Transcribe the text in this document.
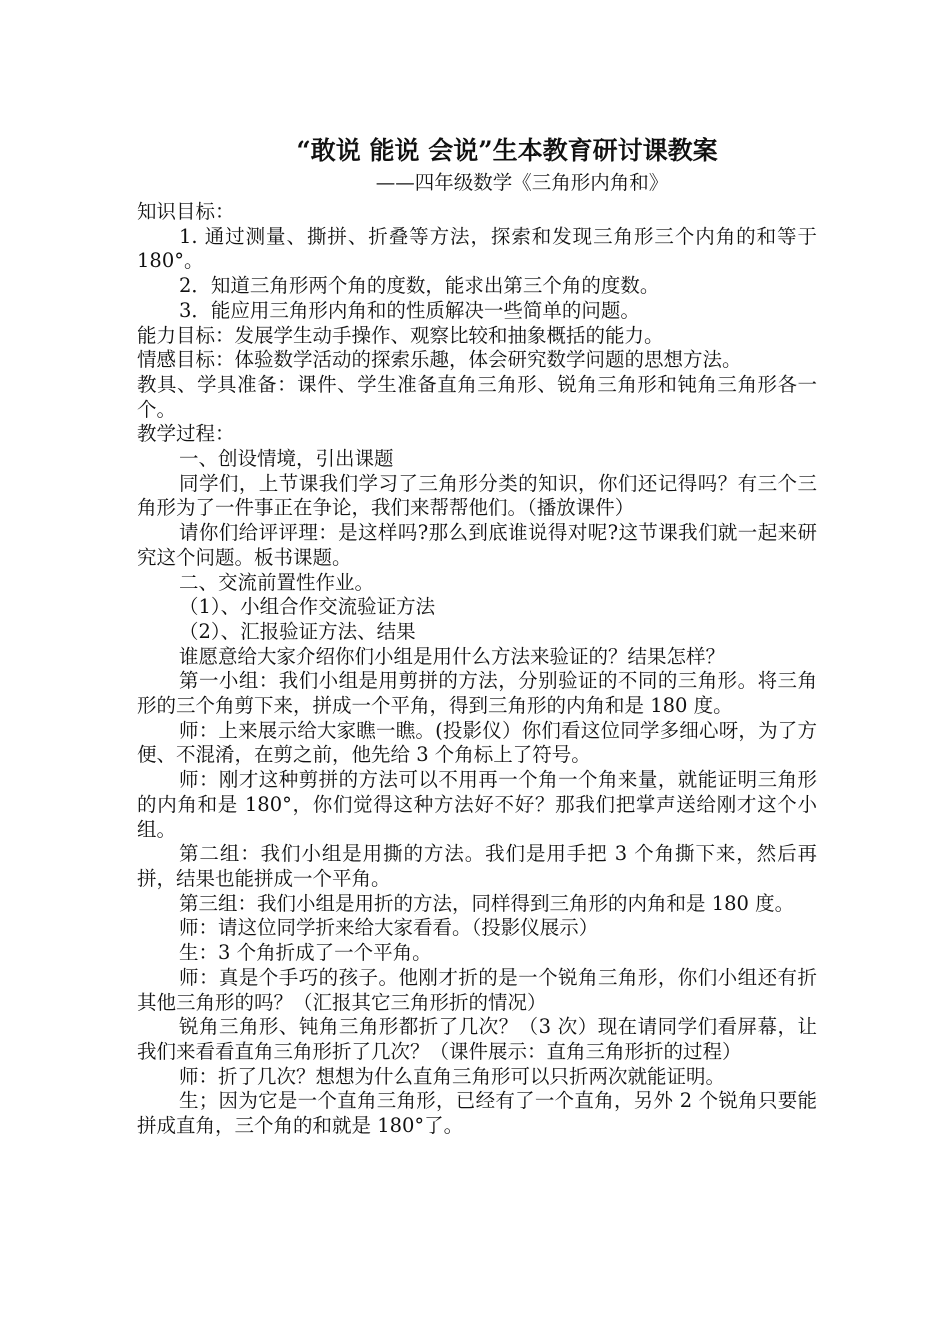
“敢说 能说 会说”生本教育研讨课教案
——四年级数学《三角形内角和》

知识目标：

1. 通过测量、撕拼、折叠等方法，探索和发现三角形三个内角的和等于 180°。

2．知道三角形两个角的度数，能求出第三个角的度数。

3．能应用三角形内角和的性质解决一些简单的问题。

能力目标：发展学生动手操作、观察比较和抽象概括的能力。

情感目标：体验数学活动的探索乐趣，体会研究数学问题的思想方法。

教具、学具准备：课件、学生准备直角三角形、锐角三角形和钝角三角形各一个。

教学过程：

一、创设情境，引出课题

同学们，上节课我们学习了三角形分类的知识，你们还记得吗？有三个三角形为了一件事正在争论，我们来帮帮他们。（播放课件）

请你们给评评理：是这样吗?那么到底谁说得对呢?这节课我们就一起来研究这个问题。板书课题。

二、交流前置性作业。

（1）、小组合作交流验证方法

（2）、汇报验证方法、结果

谁愿意给大家介绍你们小组是用什么方法来验证的？结果怎样？

第一小组：我们小组是用剪拼的方法，分别验证的不同的三角形。将三角形的三个角剪下来，拼成一个平角，得到三角形的内角和是 180 度。

师：上来展示给大家瞧一瞧。(投影仪）你们看这位同学多细心呀，为了方便、不混淆，在剪之前，他先给 3 个角标上了符号。

师：刚才这种剪拼的方法可以不用再一个角一个角来量，就能证明三角形的内角和是 180°，你们觉得这种方法好不好？那我们把掌声送给刚才这个小组。

第二组：我们小组是用撕的方法。我们是用手把 3 个角撕下来，然后再拼，结果也能拼成一个平角。

第三组：我们小组是用折的方法，同样得到三角形的内角和是 180 度。

师：请这位同学折来给大家看看。（投影仪展示）

生：3 个角折成了一个平角。

师：真是个手巧的孩子。他刚才折的是一个锐角三角形，你们小组还有折其他三角形的吗？（汇报其它三角形折的情况）

锐角三角形、钝角三角形都折了几次？（3 次）现在请同学们看屏幕，让我们来看看直角三角形折了几次？（课件展示：直角三角形折的过程）

师：折了几次？想想为什么直角三角形可以只折两次就能证明。

生；因为它是一个直角三角形，已经有了一个直角，另外 2 个锐角只要能拼成直角，三个角的和就是 180°了。
